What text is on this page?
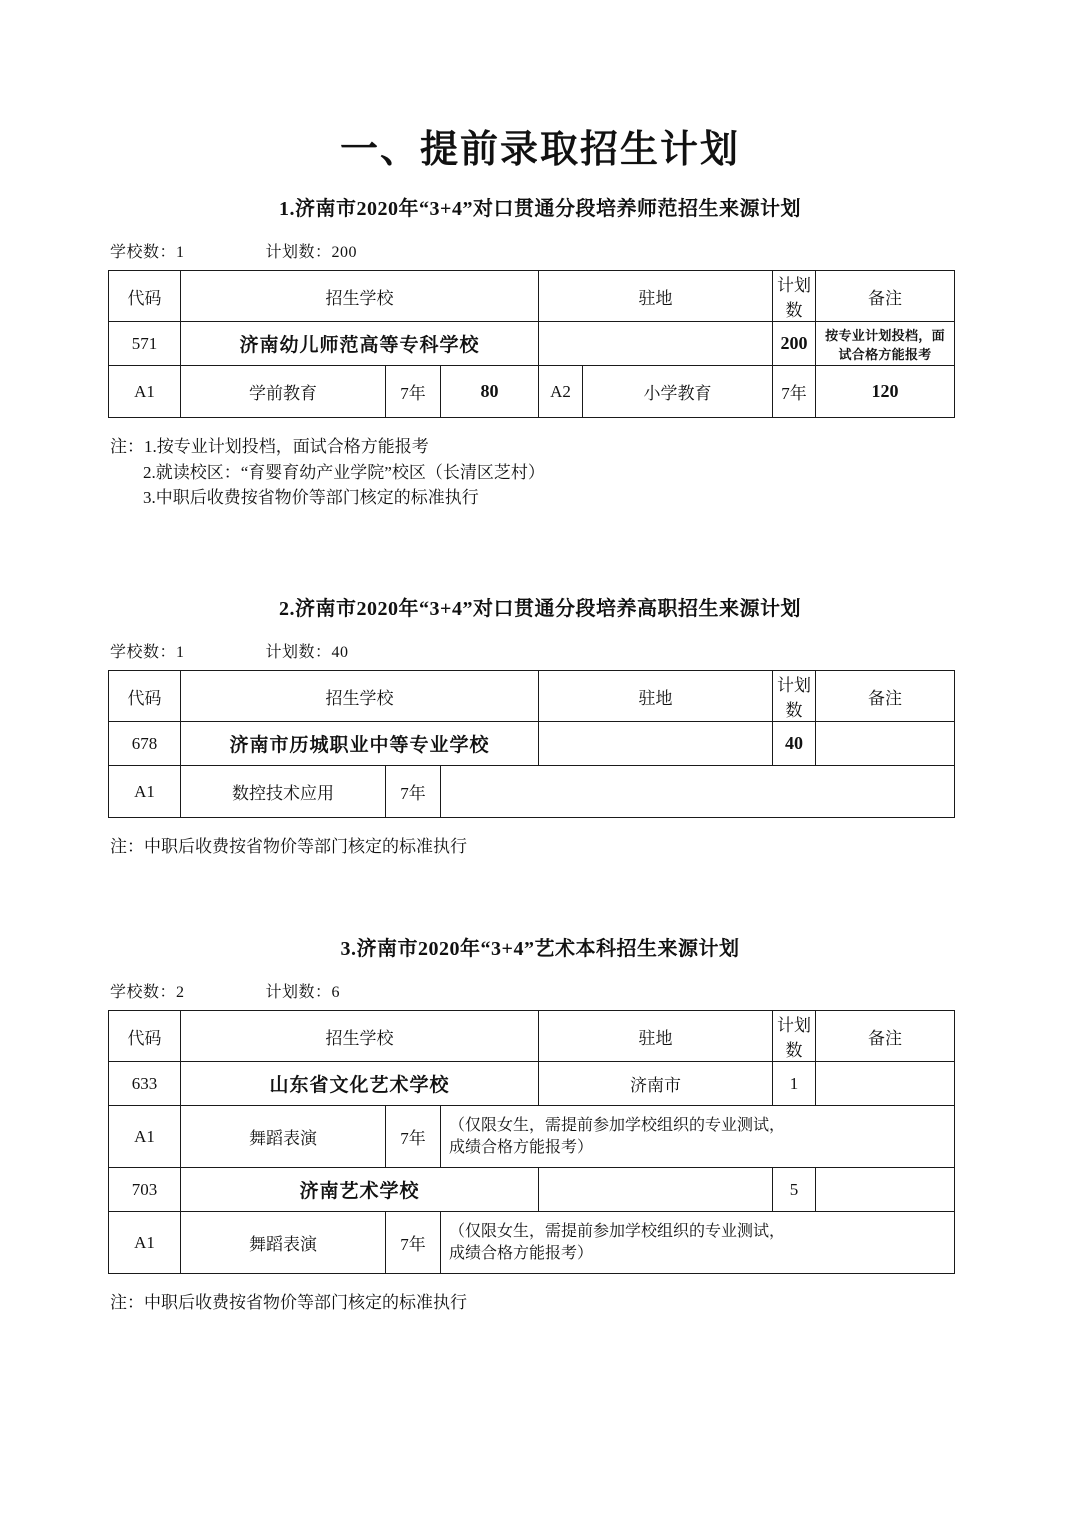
一、提前录取招生计划
1.济南市2020年“3+4”对口贯通分段培养师范招生来源计划
学校数：1	计划数：200
代码	招生学校			驻地		计划数	备注
571	济南幼儿师范高等专科学校					200	按专业计划投档，面试合格方能报考
A1	学前教育	7年	80	A2	小学教育	7年	120
注：1.按专业计划投档，面试合格方能报考
2.就读校区：“育婴育幼产业学院”校区（长清区芝村）
3.中职后收费按省物价等部门核定的标准执行
2.济南市2020年“3+4”对口贯通分段培养高职招生来源计划
学校数：1	计划数：40
代码	招生学校			驻地	计划数	备注
678	济南市历城职业中等专业学校				40	
A1	数控技术应用	7年				
注：中职后收费按省物价等部门核定的标准执行
3.济南市2020年“3+4”艺术本科招生来源计划
学校数：2	计划数：6
代码	招生学校			驻地	计划数	备注
633	山东省文化艺术学校			济南市	1	
A1	舞蹈表演	7年	（仅限女生，需提前参加学校组织的专业测试，
成绩合格方能报考）			
703	济南艺术学校				5	
A1	舞蹈表演	7年	（仅限女生，需提前参加学校组织的专业测试，
成绩合格方能报考）			
注：中职后收费按省物价等部门核定的标准执行
